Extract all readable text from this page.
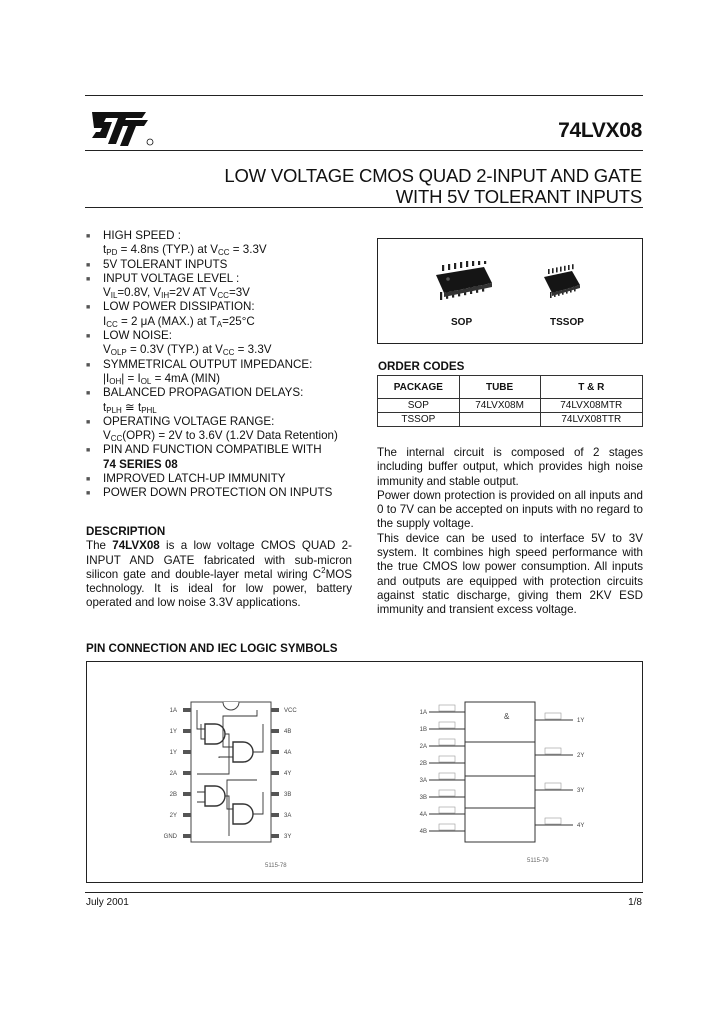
74LVX08
LOW VOLTAGE CMOS QUAD 2-INPUT AND GATE
WITH 5V TOLERANT INPUTS
■ HIGH SPEED :
$t_{PD} = 4.8ns$ (TYP.) at $V_{CC} = 3.3V$
■ 5V TOLERANT INPUTS
■ INPUT VOLTAGE LEVEL :
$V_{IL}=0.8V$, $V_{IH}=2V$ AT $V_{CC}=3V$
■ LOW POWER DISSIPATION:
$I_{CC} = 2$ μA (MAX.) at $T_A=25^\circ C$
■ LOW NOISE:
$V_{OLP} = 0.3V$ (TYP.) at $V_{CC} = 3.3V$
■ SYMMETRICAL OUTPUT IMPEDANCE:
$|I_{OH}| = I_{OL} = 4mA$ (MIN)
■ BALANCED PROPAGATION DELAYS:
$t_{PLH}$ ≅ $t_{PHL}$
■ OPERATING VOLTAGE RANGE:
$V_{CC}(OPR) = 2V$ to 3.6V (1.2V Data Retention)
■ PIN AND FUNCTION COMPATIBLE WITH
74 SERIES 08
■ IMPROVED LATCH-UP IMMUNITY
■ POWER DOWN PROTECTION ON INPUTS
DESCRIPTION
The 74LVX08 is a low voltage CMOS QUAD 2-INPUT AND GATE fabricated with sub-micron silicon gate and double-layer metal wiring $C^2MOS$ technology. It is ideal for low power, battery operated and low noise 3.3V applications.
SOP	TSSOP
ORDER CODES
PACKAGE	TUBE	T & R
SOP	74LVX08M	74LVX08MTR
TSSOP		74LVX08TTR

The internal circuit is composed of 2 stages including buffer output, which provides high noise immunity and stable output.

Power down protection is provided on all inputs and 0 to 7V can be accepted on inputs with no regard to the supply voltage.

This device can be used to interface 5V to 3V system. It combines high speed performance with the true CMOS low power consumption. All inputs and outputs are equipped with protection circuits against static discharge, giving them 2KV ESD immunity and transient excess voltage.

PIN CONNECTION AND IEC LOGIC SYMBOLS
1A	VCC
1Y	4B
1Y	4A
2A	4Y
2B	3B
2Y	3A
GND	3Y
5115-78
&
1A
1B
2A
2B
3A
3B
4A
4B
1Y
2Y
3Y
4Y
5115-79
July 2001	1/8
